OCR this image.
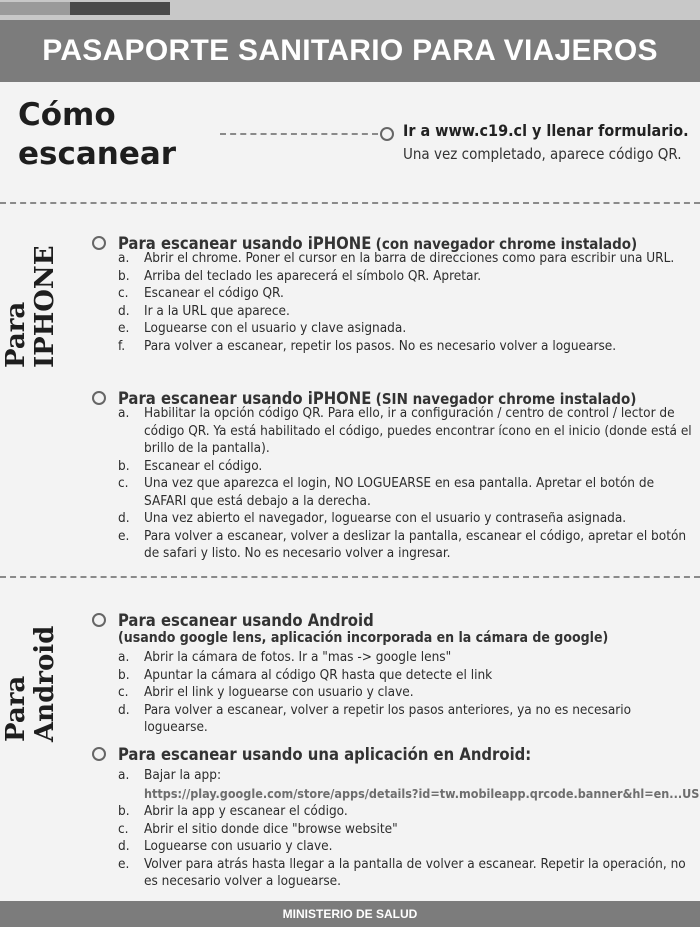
PASAPORTE SANITARIO PARA VIAJEROS
Cómo
escanear
Ir a www.c19.cl y llenar formulario.
Una vez completado, aparece código QR.
Para IPHONE
Para escanear usando iPHONE (con navegador chrome instalado)
a. Abrir el chrome. Poner el cursor en la barra de direcciones como para escribir una URL.
b. Arriba del teclado les aparecerá el símbolo QR. Apretar.
c. Escanear el código QR.
d. Ir a la URL que aparece.
e. Loguearse con el usuario y clave asignada.
f. Para volver a escanear, repetir los pasos. No es necesario volver a loguearse.
Para escanear usando iPHONE (SIN navegador chrome instalado)
a. Habilitar la opción código QR. Para ello, ir a configuración / centro de control / lector de código QR. Ya está habilitado el código, puedes encontrar ícono en el inicio (donde está el brillo de la pantalla).
b. Escanear el código.
c. Una vez que aparezca el login, NO LOGUEARSE en esa pantalla. Apretar el botón de SAFARI que está debajo a la derecha.
d. Una vez abierto el navegador, loguearse con el usuario y contraseña asignada.
e. Para volver a escanear, volver a deslizar la pantalla, escanear el código, apretar el botón de safari y listo. No es necesario volver a ingresar.
Para Android
Para escanear usando Android
(usando google lens, aplicación incorporada en la cámara de google)
a. Abrir la cámara de fotos. Ir a "mas -> google lens"
b. Apuntar la cámara al código QR hasta que detecte el link
c. Abrir el link y loguearse con usuario y clave.
d. Para volver a escanear, volver a repetir los pasos anteriores, ya no es necesario loguearse.
Para escanear usando una aplicación en Android:
a. Bajar la app:
https://play.google.com/store/apps/details?id=tw.mobileapp.qrcode.banner&hl=en...US
b. Abrir la app y escanear el código.
c. Abrir el sitio donde dice "browse website"
d. Loguearse con usuario y clave.
e. Volver para atrás hasta llegar a la pantalla de volver a escanear. Repetir la operación, no es necesario volver a loguearse.
MINISTERIO DE SALUD
